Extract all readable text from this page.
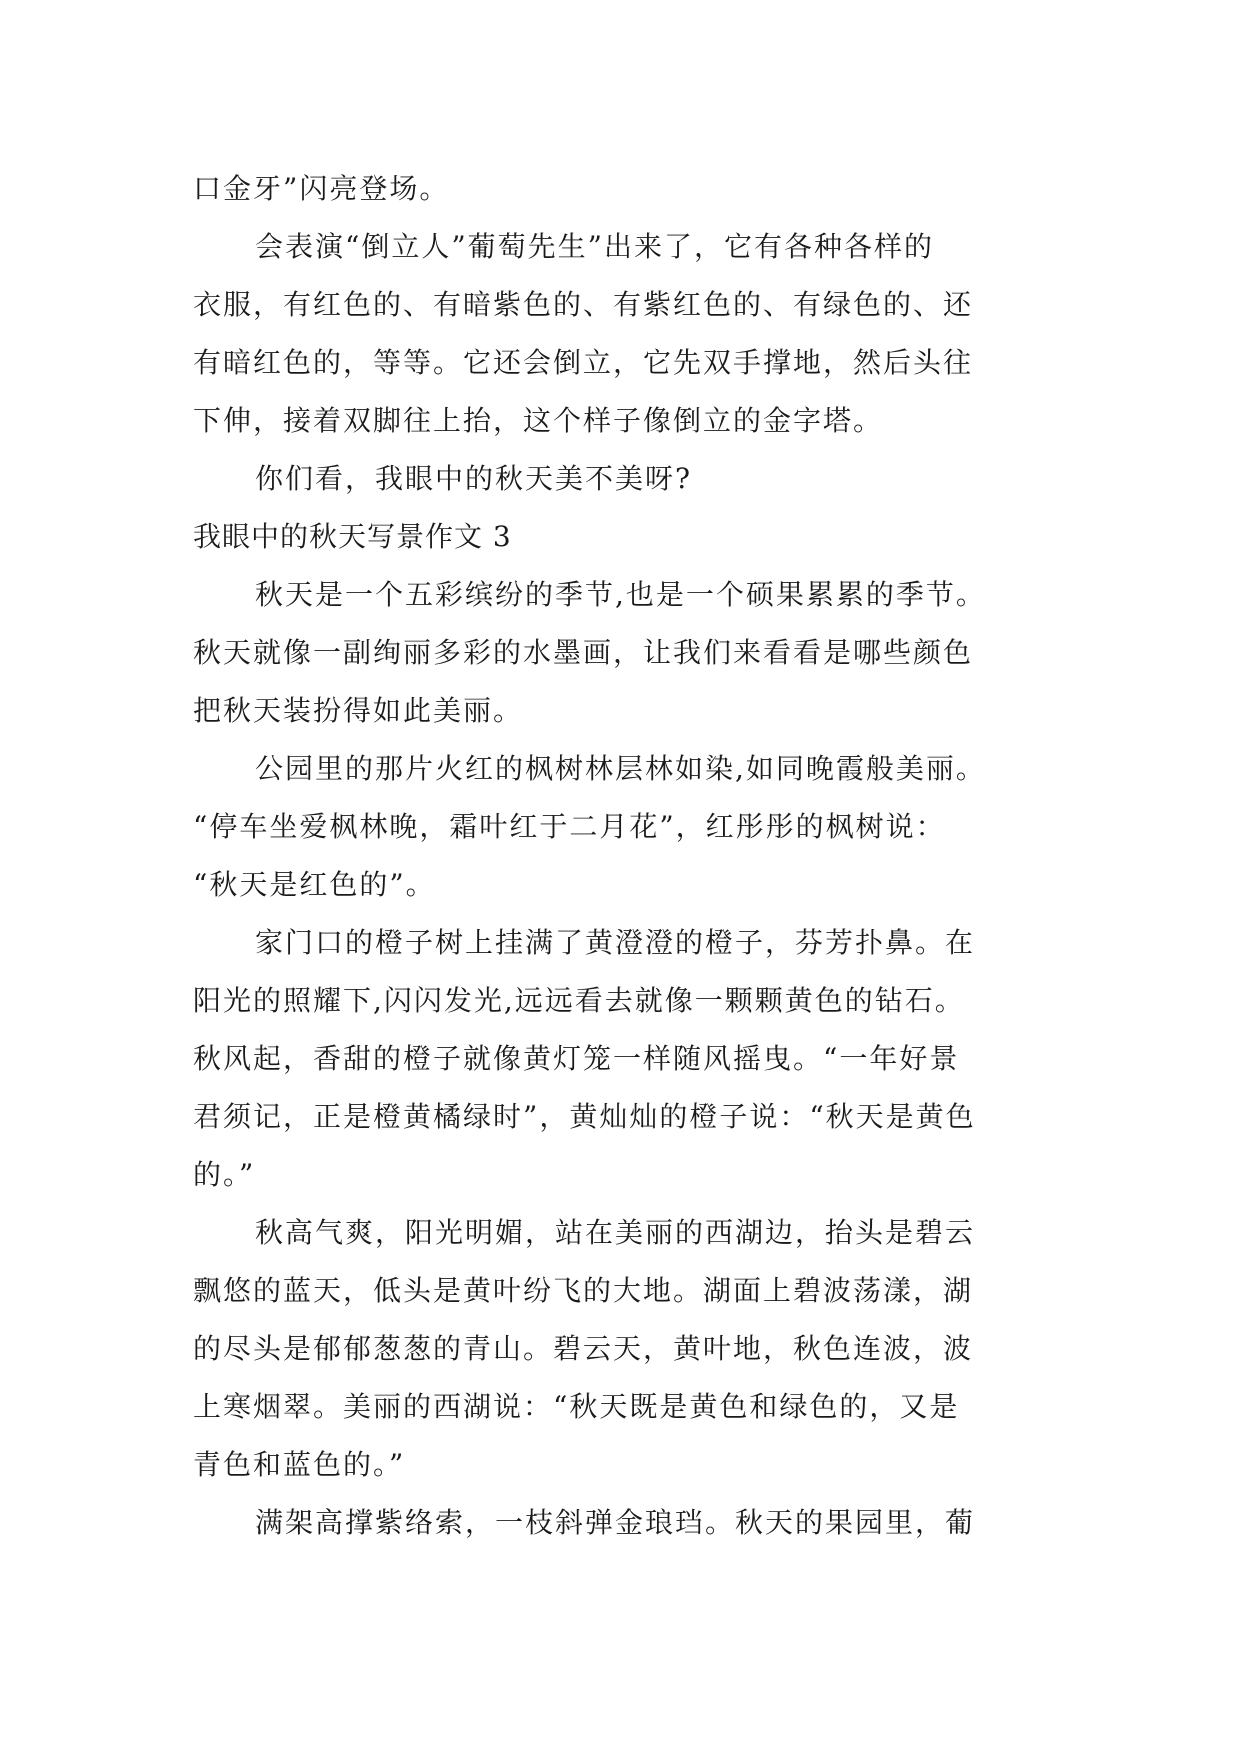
口金牙”闪亮登场。
会表演“倒立人”葡萄先生”出来了，它有各种各样的
衣服，有红色的、有暗紫色的、有紫红色的、有绿色的、还
有暗红色的，等等。它还会倒立，它先双手撑地，然后头往
下伸，接着双脚往上抬，这个样子像倒立的金字塔。
你们看，我眼中的秋天美不美呀?
我眼中的秋天写景作文 3
秋天是一个五彩缤纷的季节,也是一个硕果累累的季节。
秋天就像一副绚丽多彩的水墨画，让我们来看看是哪些颜色
把秋天装扮得如此美丽。
公园里的那片火红的枫树林层林如染,如同晚霞般美丽。
“停车坐爱枫林晚，霜叶红于二月花”，红彤彤的枫树说：
“秋天是红色的”。
家门口的橙子树上挂满了黄澄澄的橙子，芬芳扑鼻。在
阳光的照耀下,闪闪发光,远远看去就像一颗颗黄色的钻石。
秋风起，香甜的橙子就像黄灯笼一样随风摇曳。“一年好景
君须记，正是橙黄橘绿时”，黄灿灿的橙子说：“秋天是黄色
的。”
秋高气爽，阳光明媚，站在美丽的西湖边，抬头是碧云
飘悠的蓝天，低头是黄叶纷飞的大地。湖面上碧波荡漾，湖
的尽头是郁郁葱葱的青山。碧云天，黄叶地，秋色连波，波
上寒烟翠。美丽的西湖说：“秋天既是黄色和绿色的，又是
青色和蓝色的。”
满架高撑紫络索，一枝斜弹金琅珰。秋天的果园里，葡
